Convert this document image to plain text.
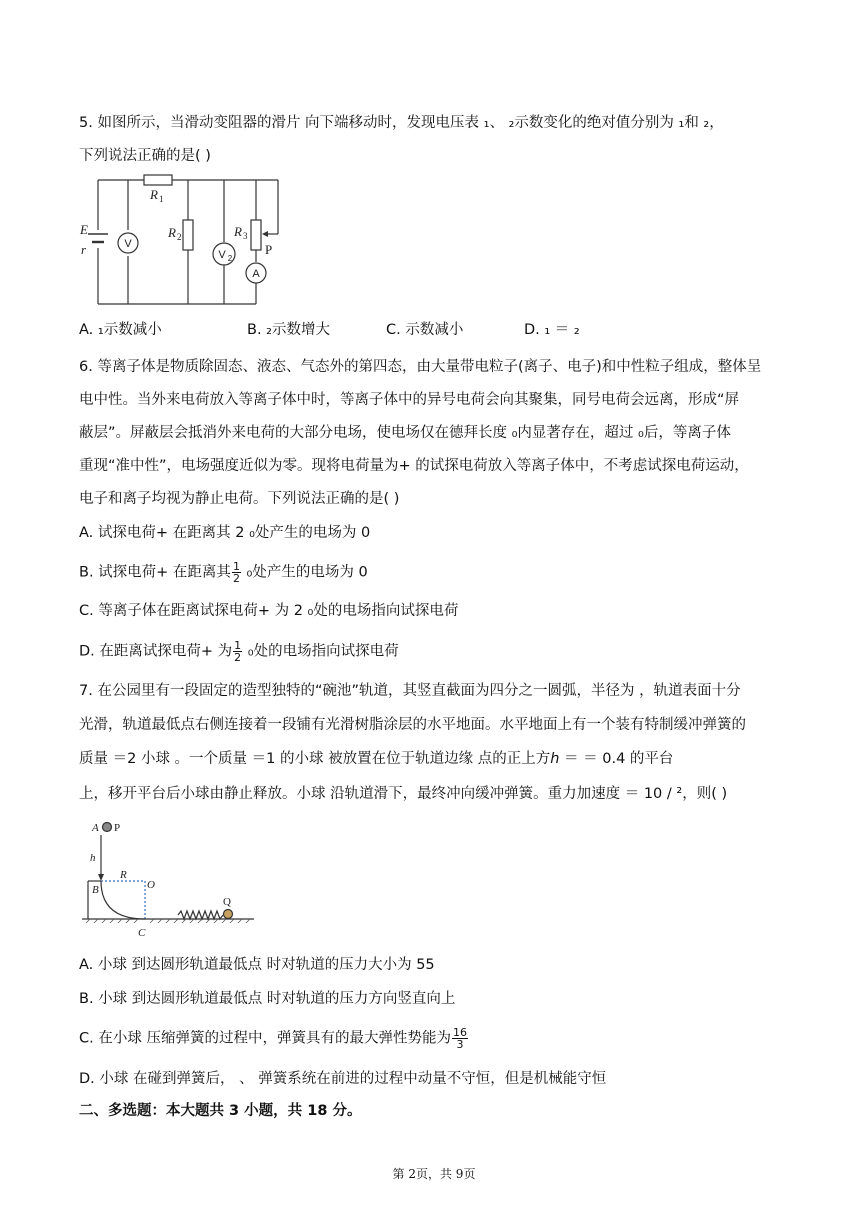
5. 如图所示，当滑动变阻器的滑片 向下端移动时，发现电压表 ₁、 ₂示数变化的绝对值分别为 ₁和 ₂，
下列说法正确的是( )
E
r
R 1
R 2	R 3
P
V
V 2
A
A. ₁示数减小	B. ₂示数增大	C. 示数减小	D. ₁ ＝ ₂
6. 等离子体是物质除固态、液态、气态外的第四态，由大量带电粒子(离子、电子)和中性粒子组成，整体呈
电中性。当外来电荷放入等离子体中时，等离子体中的异号电荷会向其聚集，同号电荷会远离，形成“屏
蔽层”。屏蔽层会抵消外来电荷的大部分电场，使电场仅在德拜长度 ₀内显著存在，超过 ₀后，等离子体
重现“准中性”，电场强度近似为零。现将电荷量为+ 的试探电荷放入等离子体中，不考虑试探电荷运动，
电子和离子均视为静止电荷。下列说法正确的是( )
A. 试探电荷+ 在距离其 2 ₀处产生的电场为 0
B. 试探电荷+ 在距离其 $\frac{1}{2} _0$处产生的电场为 0
C. 等离子体在距离试探电荷+ 为 2 ₀处的电场指向试探电荷
D. 在距离试探电荷+ 为 $\frac{1}{2} _0$处的电场指向试探电荷
7. 在公园里有一段固定的造型独特的“碗池”轨道，其竖直截面为四分之一圆弧，半径为 ，轨道表面十分
光滑，轨道最低点右侧连接着一段铺有光滑树脂涂层的水平地面。水平地面上有一个装有特制缓冲弹簧的
质量 ＝2 小球 。一个质量 ＝1 的小球 被放置在位于轨道边缘 点的正上方ℎ ＝ ＝ 0.4 的平台
上，移开平台后小球由静止释放。小球 沿轨道滑下，最终冲向缓冲弹簧。重力加速度 ＝ 10 / ²，则( )
A P
h
B
R
O
Q
C
A. 小球 到达圆形轨道最低点 时对轨道的压力大小为 55
B. 小球 到达圆形轨道最低点 时对轨道的压力方向竖直向上
C. 在小球 压缩弹簧的过程中，弹簧具有的最大弹性势能为 $\frac{16}{3}$
D. 小球 在碰到弹簧后， 、 弹簧系统在前进的过程中动量不守恒，但是机械能守恒
二、多选题：本大题共 3 小题，共 18 分。
第 2页，共 9页
